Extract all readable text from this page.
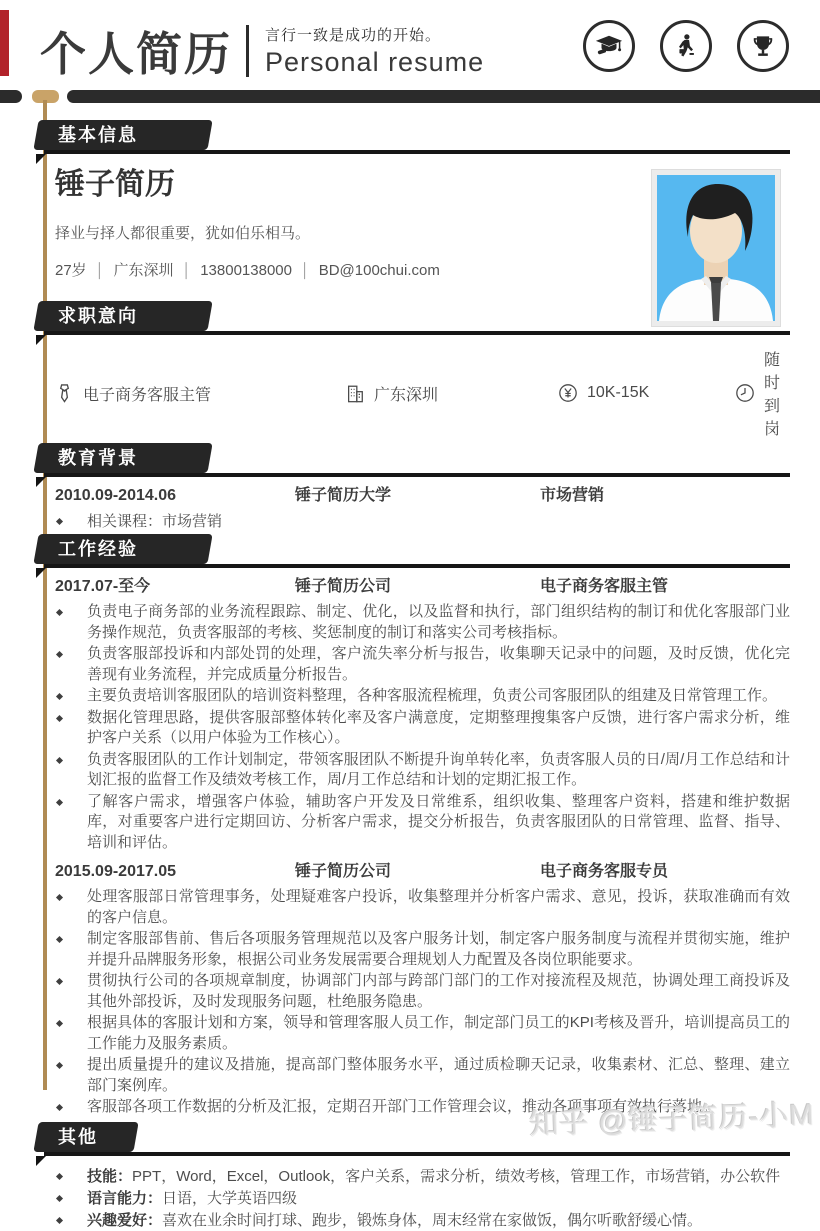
个人简历 言行一致是成功的开始。
Personal resume
基本信息
锤子简历
择业与择人都很重要，犹如伯乐相马。
27岁 │ 广东深圳 │ 13800138000 │ BD@100chui.com
求职意向
电子商务客服主管	广东深圳	10K-15K
随时到岗
教育背景
2010.09-2014.06	锤子简历大学	市场营销
相关课程：市场营销
工作经验
2017.07-至今	锤子简历公司	电子商务客服主管
负责电子商务部的业务流程跟踪、制定、优化，以及监督和执行，部门组织结构的制订和优化客服部门业务操作规范，负责客服部的考核、奖惩制度的制订和落实公司考核指标。
负责客服部投诉和内部处罚的处理，客户流失率分析与报告，收集聊天记录中的问题，及时反馈，优化完善现有业务流程，并完成质量分析报告。
主要负责培训客服团队的培训资料整理，各种客服流程梳理，负责公司客服团队的组建及日常管理工作。
数据化管理思路，提供客服部整体转化率及客户满意度，定期整理搜集客户反馈，进行客户需求分析，维护客户关系（以用户体验为工作核心）。
负责客服团队的工作计划制定，带领客服团队不断提升询单转化率，负责客服人员的日/周/月工作总结和计划汇报的监督工作及绩效考核工作，周/月工作总结和计划的定期汇报工作。
了解客户需求，增强客户体验，辅助客户开发及日常维系，组织收集、整理客户资料，搭建和维护数据库，对重要客户进行定期回访、分析客户需求，提交分析报告，负责客服团队的日常管理、监督、指导、培训和评估。
2015.09-2017.05	锤子简历公司	电子商务客服专员
处理客服部日常管理事务，处理疑难客户投诉，收集整理并分析客户需求、意见，投诉，获取准确而有效的客户信息。
制定客服部售前、售后各项服务管理规范以及客户服务计划，制定客户服务制度与流程并贯彻实施，维护并提升品牌服务形象，根据公司业务发展需要合理规划人力配置及各岗位职能要求。
贯彻执行公司的各项规章制度，协调部门内部与跨部门部门的工作对接流程及规范，协调处理工商投诉及其他外部投诉，及时发现服务问题，杜绝服务隐患。
根据具体的客服计划和方案，领导和管理客服人员工作，制定部门员工的KPI考核及晋升，培训提高员工的工作能力及服务素质。
提出质量提升的建议及措施，提高部门整体服务水平，通过质检聊天记录，收集素材、汇总、整理、建立部门案例库。
客服部各项工作数据的分析及汇报，定期召开部门工作管理会议，推动各项事项有效执行落地。
其他
技能：PPT，Word，Excel，Outlook，客户关系，需求分析，绩效考核，管理工作，市场营销，办公软件
语言能力：日语，大学英语四级
兴趣爱好：喜欢在业余时间打球、跑步，锻炼身体，周末经常在家做饭，偶尔听歌舒缓心情。
知乎 @锤子简历-小M
